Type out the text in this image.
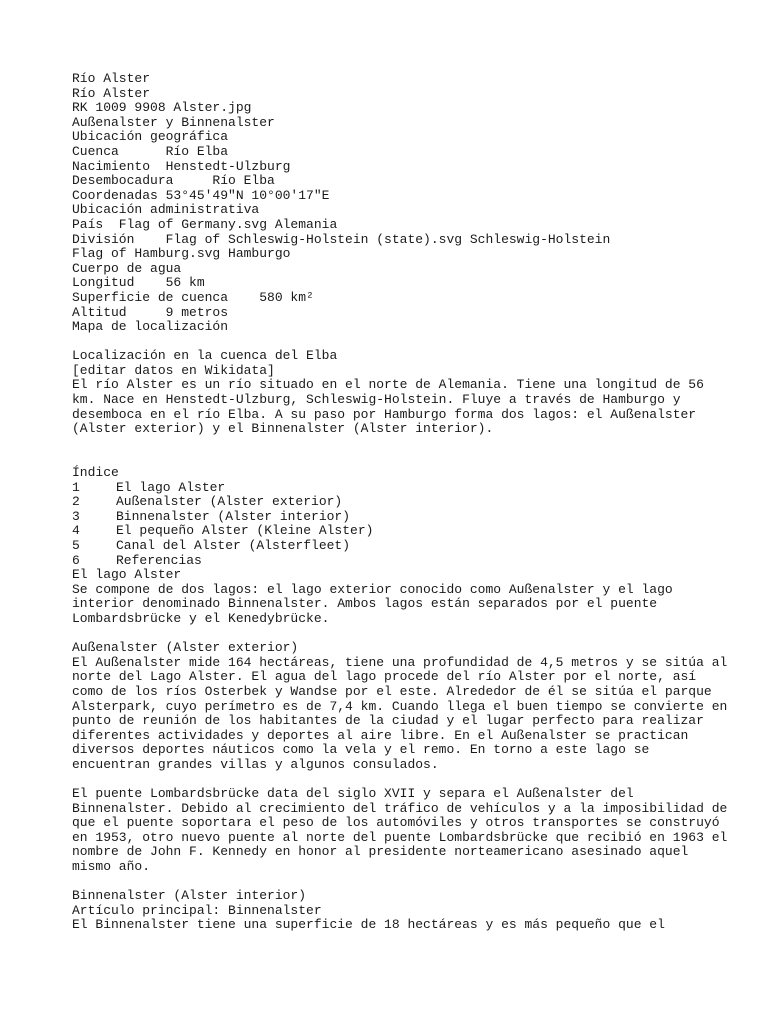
Río Alster
Río Alster
RK 1009 9908 Alster.jpg
Außenalster y Binnenalster
Ubicación geográfica
Cuenca      Río Elba
Nacimiento  Henstedt-Ulzburg
Desembocadura     Río Elba
Coordenadas 53°45′49″N 10°00′17″E
Ubicación administrativa
País  Flag of Germany.svg Alemania
División    Flag of Schleswig-Holstein (state).svg Schleswig-Holstein
Flag of Hamburg.svg Hamburgo
Cuerpo de agua
Longitud    56 km
Superficie de cuenca    580 km²
Altitud     9 metros
Mapa de localización
Localización en la cuenca del Elba
[editar datos en Wikidata]
El río Alster es un río situado en el norte de Alemania. Tiene una longitud de 56 km. Nace en Henstedt-Ulzburg, Schleswig-Holstein. Fluye a través de Hamburgo y desemboca en el río Elba. A su paso por Hamburgo forma dos lagos: el Außenalster (Alster exterior) y el Binnenalster (Alster interior).
Índice
1	El lago Alster
2	Außenalster (Alster exterior)
3	Binnenalster (Alster interior)
4	El pequeño Alster (Kleine Alster)
5	Canal del Alster (Alsterfleet)
6	Referencias
El lago Alster
Se compone de dos lagos: el lago exterior conocido como Außenalster y el lago interior denominado Binnenalster. Ambos lagos están separados por el puente Lombardsbrücke y el Kenedybrücke.
Außenalster (Alster exterior)
El Außenalster mide 164 hectáreas, tiene una profundidad de 4,5 metros y se sitúa al norte del Lago Alster. El agua del lago procede del río Alster por el norte, así como de los ríos Osterbek y Wandse por el este. Alrededor de él se sitúa el parque Alsterpark, cuyo perímetro es de 7,4 km. Cuando llega el buen tiempo se convierte en punto de reunión de los habitantes de la ciudad y el lugar perfecto para realizar diferentes actividades y deportes al aire libre. En el Außenalster se practican diversos deportes náuticos como la vela y el remo. En torno a este lago se encuentran grandes villas y algunos consulados.
El puente Lombardsbrücke data del siglo XVII y separa el Außenalster del Binnenalster. Debido al crecimiento del tráfico de vehículos y a la imposibilidad de que el puente soportara el peso de los automóviles y otros transportes se construyó en 1953, otro nuevo puente al norte del puente Lombardsbrücke que recibió en 1963 el nombre de John F. Kennedy en honor al presidente norteamericano asesinado aquel mismo año.
Binnenalster (Alster interior)
Artículo principal: Binnenalster
El Binnenalster tiene una superficie de 18 hectáreas y es más pequeño que el
